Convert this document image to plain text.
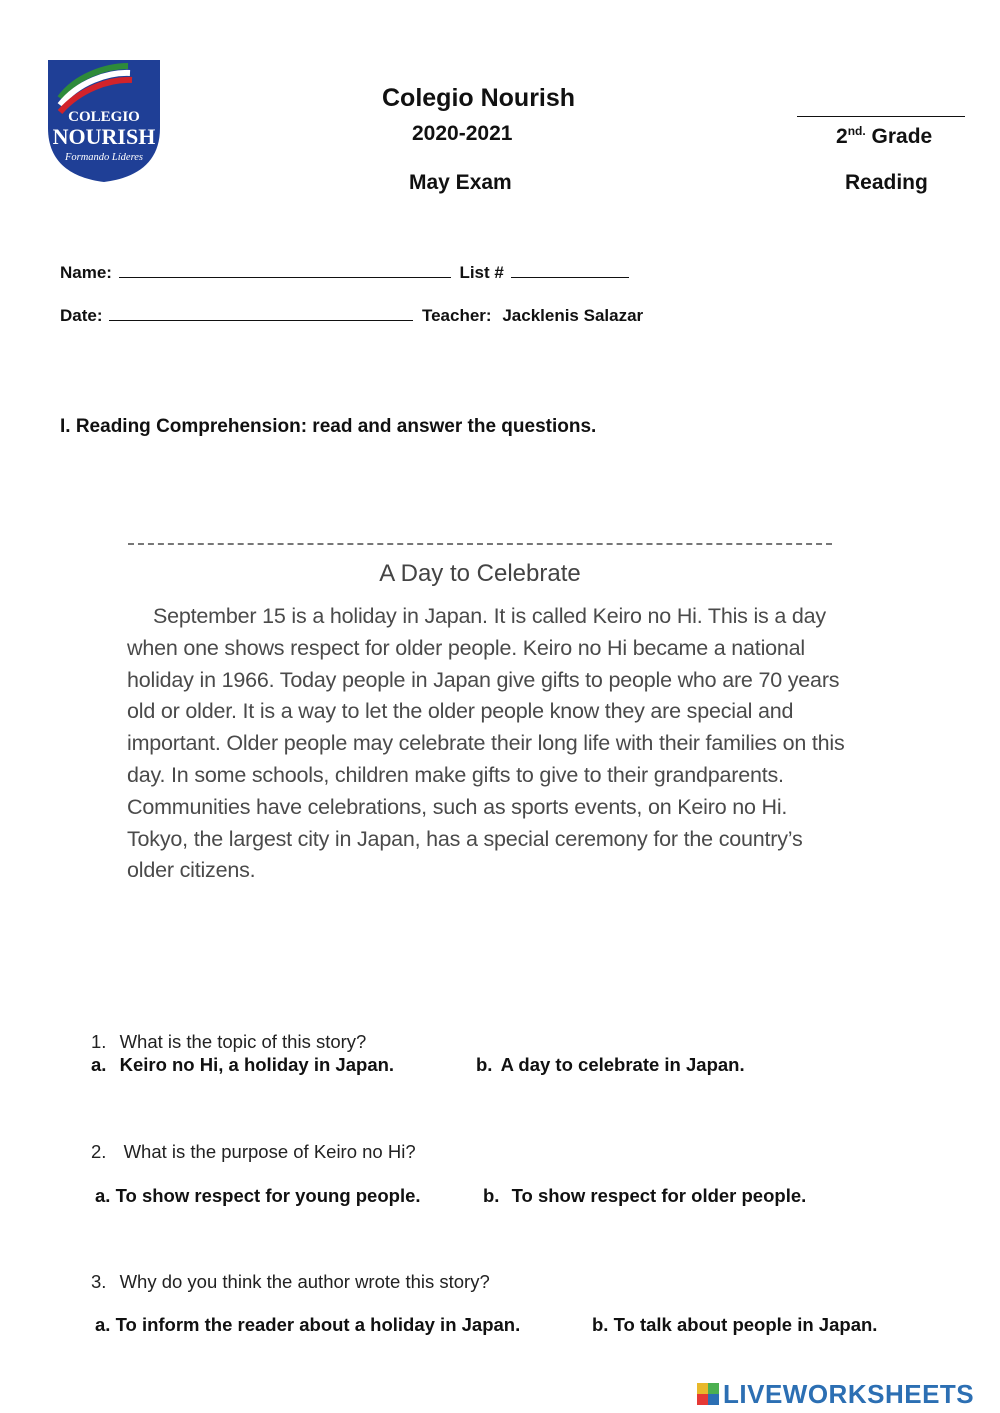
COLEGIO
NOURISH
Formando Líderes
Colegio Nourish
2020-2021
May Exam
$2^{nd.}$ Grade
Reading
Name:	List #
Date:	Teacher: Jacklenis Salazar
I. Reading Comprehension: read and answer the questions.
A Day to Celebrate
September 15 is a holiday in Japan. It is called Keiro no Hi. This is a day when one shows respect for older people. Keiro no Hi became a national holiday in 1966. Today people in Japan give gifts to people who are 70 years old or older. It is a way to let the older people know they are special and important. Older people may celebrate their long life with their families on this day. In some schools, children make gifts to give to their grandparents. Communities have celebrations, such as sports events, on Keiro no Hi. Tokyo, the largest city in Japan, has a special ceremony for the country’s older citizens.
1. What is the topic of this story?
a. Keiro no Hi, a holiday in Japan.	b. A day to celebrate in Japan.
2. What is the purpose of Keiro no Hi?
a. To show respect for young people.	b. To show respect for older people.
3. Why do you think the author wrote this story?
a. To inform the reader about a holiday in Japan.	b. To talk about people in Japan.
LIVEWORKSHEETS
